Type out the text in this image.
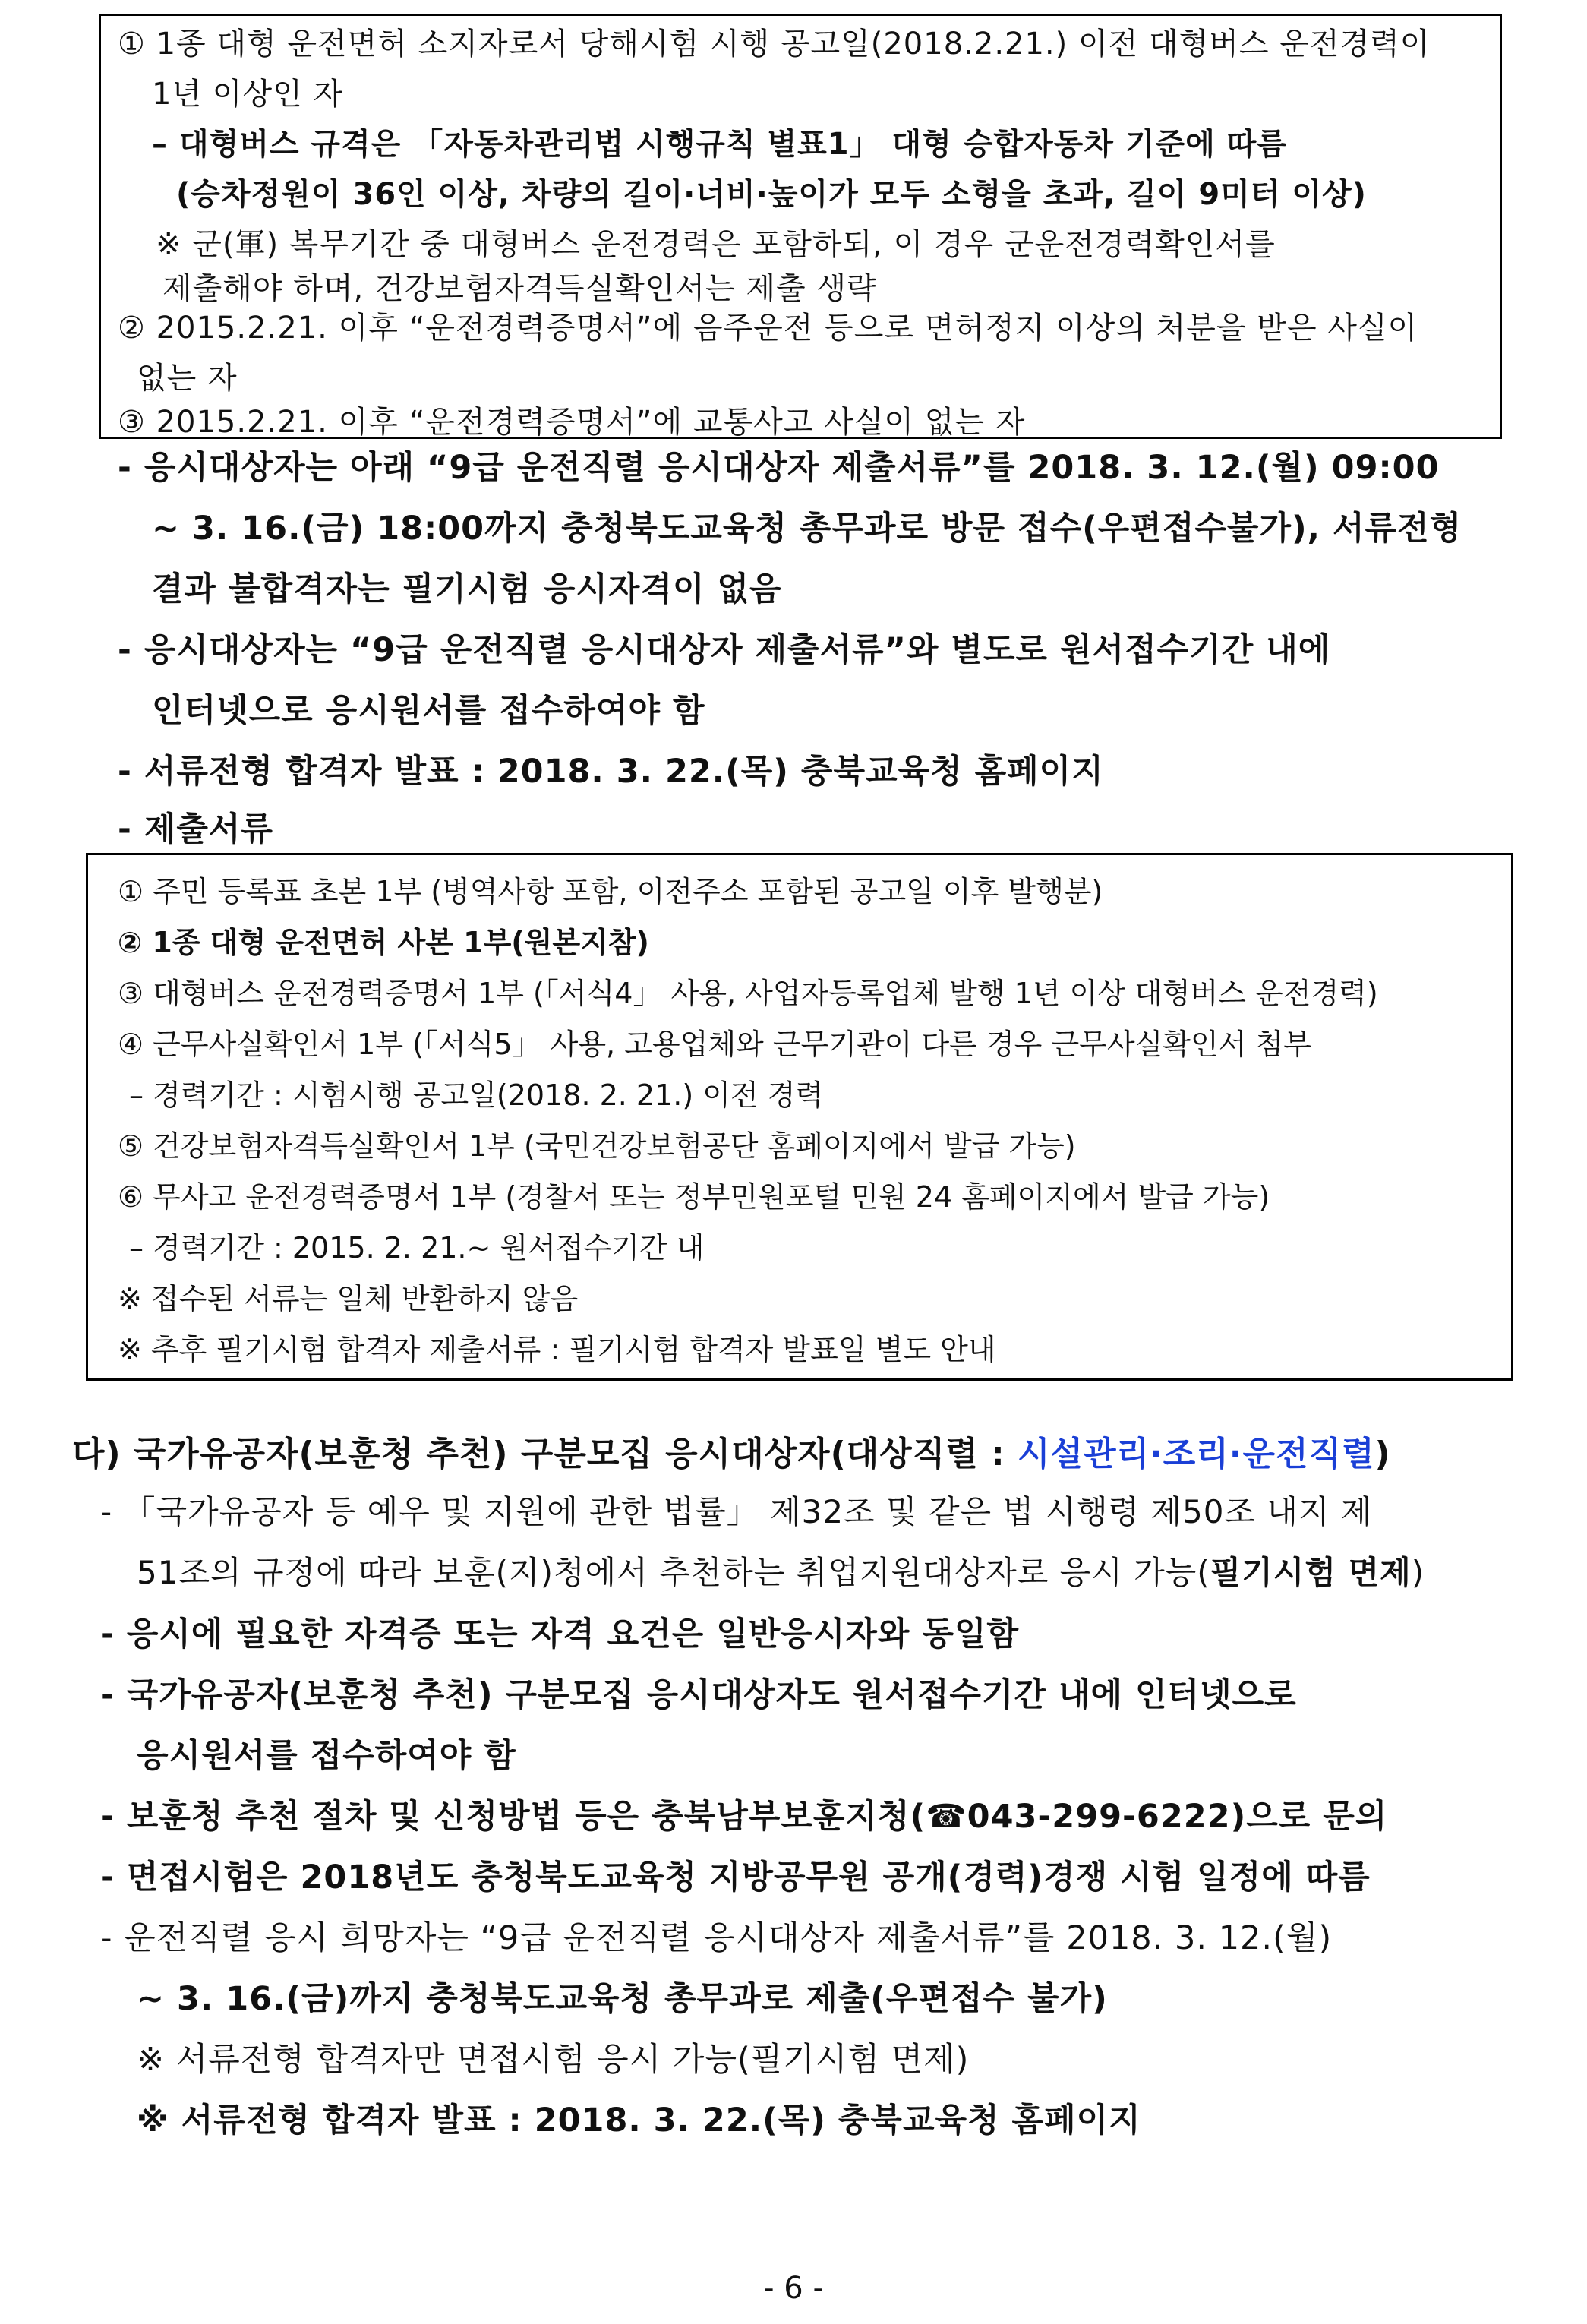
① 1종 대형 운전면허 소지자로서 당해시험 시행 공고일(2018.2.21.) 이전 대형버스 운전경력이
1년 이상인 자
– 대형버스 규격은 「자동차관리법 시행규칙 별표1」 대형 승합자동차 기준에 따름
(승차정원이 36인 이상, 차량의 길이·너비·높이가 모두 소형을 초과, 길이 9미터 이상)
※ 군(軍) 복무기간 중 대형버스 운전경력은 포함하되, 이 경우 군운전경력확인서를
제출해야 하며, 건강보험자격득실확인서는 제출 생략
② 2015.2.21. 이후 “운전경력증명서”에 음주운전 등으로 면허정지 이상의 처분을 받은 사실이
없는 자
③ 2015.2.21. 이후 “운전경력증명서”에 교통사고 사실이 없는 자
- 응시대상자는 아래 “9급 운전직렬 응시대상자 제출서류”를 2018. 3. 12.(월) 09:00
~ 3. 16.(금) 18:00까지 충청북도교육청 총무과로 방문 접수(우편접수불가), 서류전형
결과 불합격자는 필기시험 응시자격이 없음
- 응시대상자는 “9급 운전직렬 응시대상자 제출서류”와 별도로 원서접수기간 내에
인터넷으로 응시원서를 접수하여야 함
- 서류전형 합격자 발표 : 2018. 3. 22.(목) 충북교육청 홈페이지
- 제출서류
① 주민 등록표 초본 1부 (병역사항 포함, 이전주소 포함된 공고일 이후 발행분)
② 1종 대형 운전면허 사본 1부(원본지참)
③ 대형버스 운전경력증명서 1부 (「서식4」 사용, 사업자등록업체 발행 1년 이상 대형버스 운전경력)
④ 근무사실확인서 1부 (「서식5」 사용, 고용업체와 근무기관이 다른 경우 근무사실확인서 첨부
– 경력기간 : 시험시행 공고일(2018. 2. 21.) 이전 경력
⑤ 건강보험자격득실확인서 1부 (국민건강보험공단 홈페이지에서 발급 가능)
⑥ 무사고 운전경력증명서 1부 (경찰서 또는 정부민원포털 민원 24 홈페이지에서 발급 가능)
– 경력기간 : 2015. 2. 21.~ 원서접수기간 내
※ 접수된 서류는 일체 반환하지 않음
※ 추후 필기시험 합격자 제출서류 : 필기시험 합격자 발표일 별도 안내
다) 국가유공자(보훈청 추천) 구분모집 응시대상자(대상직렬 : 시설관리·조리·운전직렬)
- 「국가유공자 등 예우 및 지원에 관한 법률」 제32조 및 같은 법 시행령 제50조 내지 제
51조의 규정에 따라 보훈(지)청에서 추천하는 취업지원대상자로 응시 가능(필기시험 면제)
- 응시에 필요한 자격증 또는 자격 요건은 일반응시자와 동일함
- 국가유공자(보훈청 추천) 구분모집 응시대상자도 원서접수기간 내에 인터넷으로
응시원서를 접수하여야 함
- 보훈청 추천 절차 및 신청방법 등은 충북남부보훈지청(☎043-299-6222)으로 문의
- 면접시험은 2018년도 충청북도교육청 지방공무원 공개(경력)경쟁 시험 일정에 따름
- 운전직렬 응시 희망자는 “9급 운전직렬 응시대상자 제출서류”를 2018. 3. 12.(월)
~ 3. 16.(금)까지 충청북도교육청 총무과로 제출(우편접수 불가)
※ 서류전형 합격자만 면접시험 응시 가능(필기시험 면제)
※ 서류전형 합격자 발표 : 2018. 3. 22.(목) 충북교육청 홈페이지
- 6 -
